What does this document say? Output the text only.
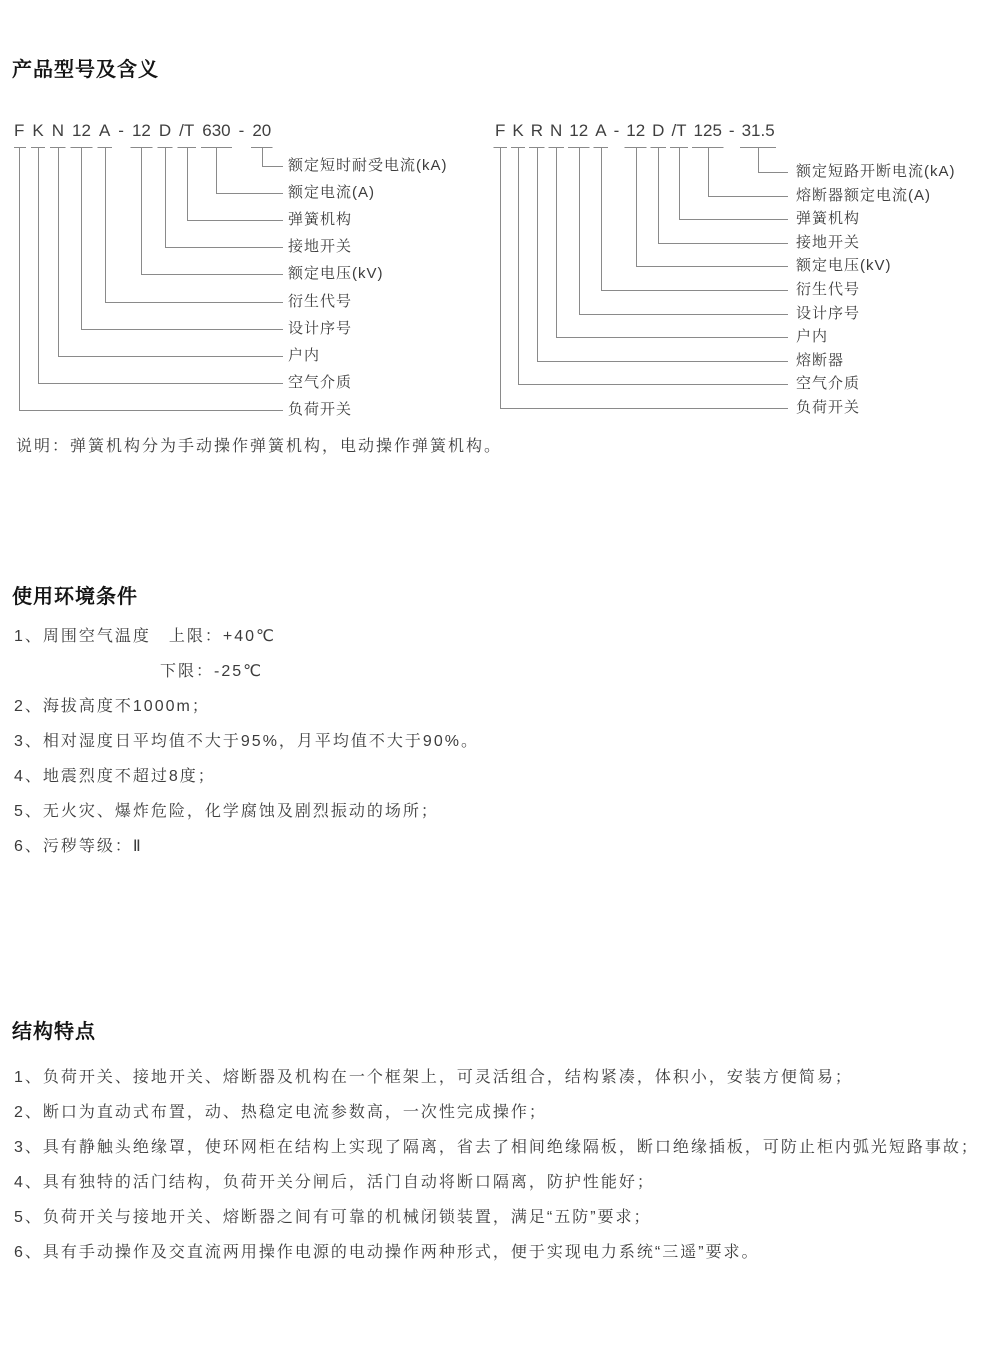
产品型号及含义
F K N 12 A - 12 D /T 630 - 20
额定短时耐受电流(kA)
额定电流(A)
弹簧机构
接地开关
额定电压(kV)
衍生代号
设计序号
户内
空气介质
负荷开关
F K R N 12 A - 12 D /T 125 - 31.5
额定短路开断电流(kA)
熔断器额定电流(A)
弹簧机构
接地开关
额定电压(kV)
衍生代号
设计序号
户内
熔断器
空气介质
负荷开关

说明：弹簧机构分为手动操作弹簧机构，电动操作弹簧机构。

使用环境条件
1、周围空气温度　上限：+40℃
下限：-25℃
2、海拔高度不1000m；
3、相对湿度日平均值不大于95%，月平均值不大于90%。
4、地震烈度不超过8度；
5、无火灾、爆炸危险，化学腐蚀及剧烈振动的场所；
6、污秽等级：Ⅱ
结构特点
1、负荷开关、接地开关、熔断器及机构在一个框架上，可灵活组合，结构紧凑，体积小，安装方便简易；
2、断口为直动式布置，动、热稳定电流参数高，一次性完成操作；
3、具有静触头绝缘罩，使环网柜在结构上实现了隔离，省去了相间绝缘隔板，断口绝缘插板，可防止柜内弧光短路事故；
4、具有独特的活门结构，负荷开关分闸后，活门自动将断口隔离，防护性能好；
5、负荷开关与接地开关、熔断器之间有可靠的机械闭锁装置，满足“五防”要求；
6、具有手动操作及交直流两用操作电源的电动操作两种形式，便于实现电力系统“三遥”要求。
